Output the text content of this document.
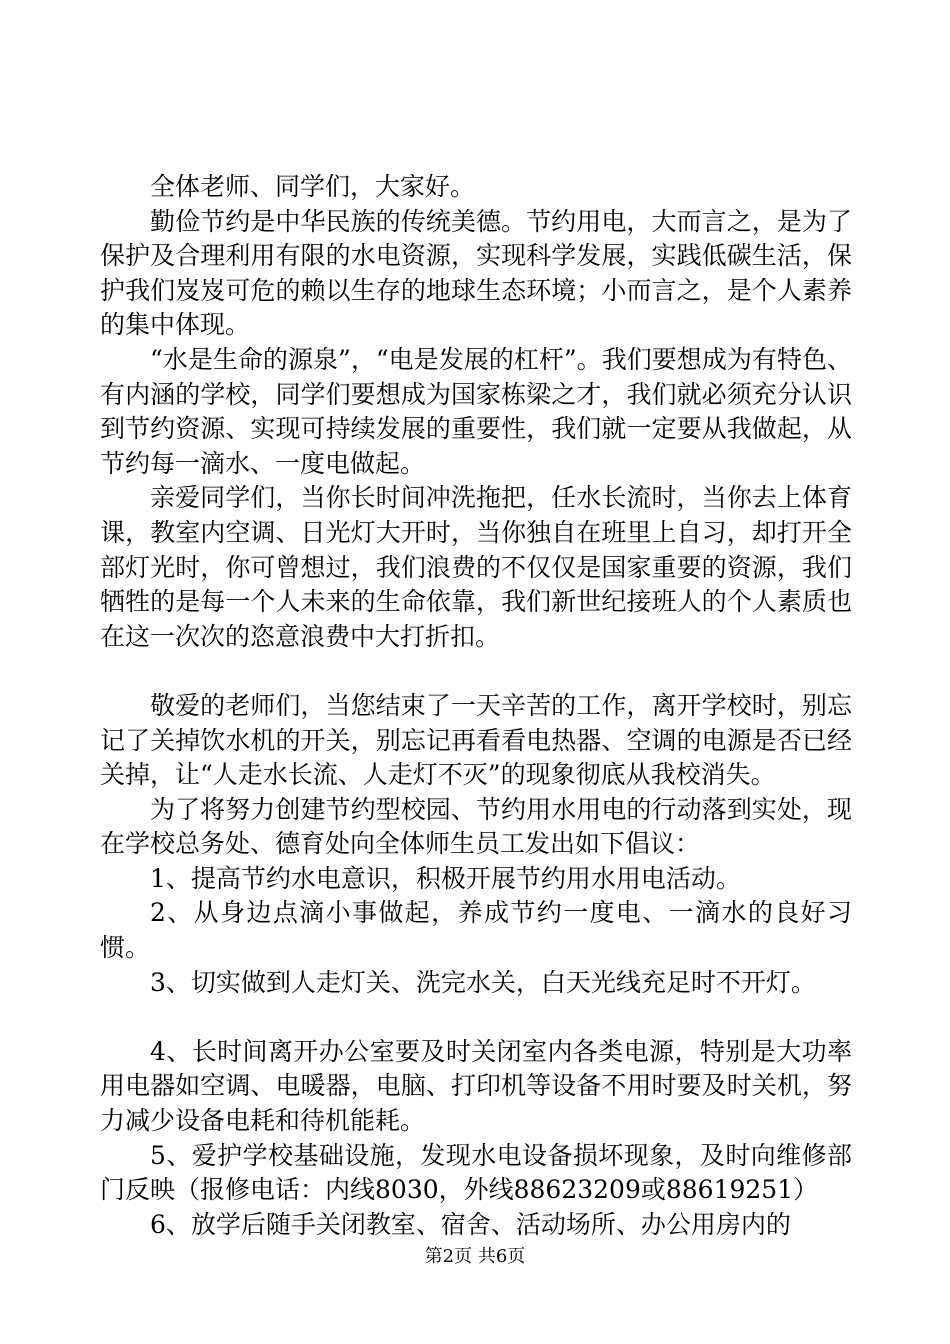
全体老师、同学们，大家好。

勤俭节约是中华民族的传统美德。节约用电，大而言之，是为了保护及合理利用有限的水电资源，实现科学发展，实践低碳生活，保护我们岌岌可危的赖以生存的地球生态环境；小而言之，是个人素养的集中体现。

“水是生命的源泉”，“电是发展的杠杆”。我们要想成为有特色、有内涵的学校，同学们要想成为国家栋梁之才，我们就必须充分认识到节约资源、实现可持续发展的重要性，我们就一定要从我做起，从节约每一滴水、一度电做起。

亲爱同学们，当你长时间冲洗拖把，任水长流时，当你去上体育课，教室内空调、日光灯大开时，当你独自在班里上自习，却打开全部灯光时，你可曾想过，我们浪费的不仅仅是国家重要的资源，我们牺牲的是每一个人未来的生命依靠，我们新世纪接班人的个人素质也在这一次次的恣意浪费中大打折扣。

敬爱的老师们，当您结束了一天辛苦的工作，离开学校时，别忘记了关掉饮水机的开关，别忘记再看看电热器、空调的电源是否已经关掉，让“人走水长流、人走灯不灭”的现象彻底从我校消失。

为了将努力创建节约型校园、节约用水用电的行动落到实处，现在学校总务处、德育处向全体师生员工发出如下倡议：

1、提高节约水电意识，积极开展节约用水用电活动。

2、从身边点滴小事做起，养成节约一度电、一滴水的良好习惯。

3、切实做到人走灯关、洗完水关，白天光线充足时不开灯。

4、长时间离开办公室要及时关闭室内各类电源，特别是大功率用电器如空调、电暖器，电脑、打印机等设备不用时要及时关机，努力减少设备电耗和待机能耗。

5、爱护学校基础设施，发现水电设备损坏现象，及时向维修部门反映（报修电话：内线8030，外线88623209或88619251）

6、放学后随手关闭教室、宿舍、活动场所、办公用房内的

第2页 共6页
